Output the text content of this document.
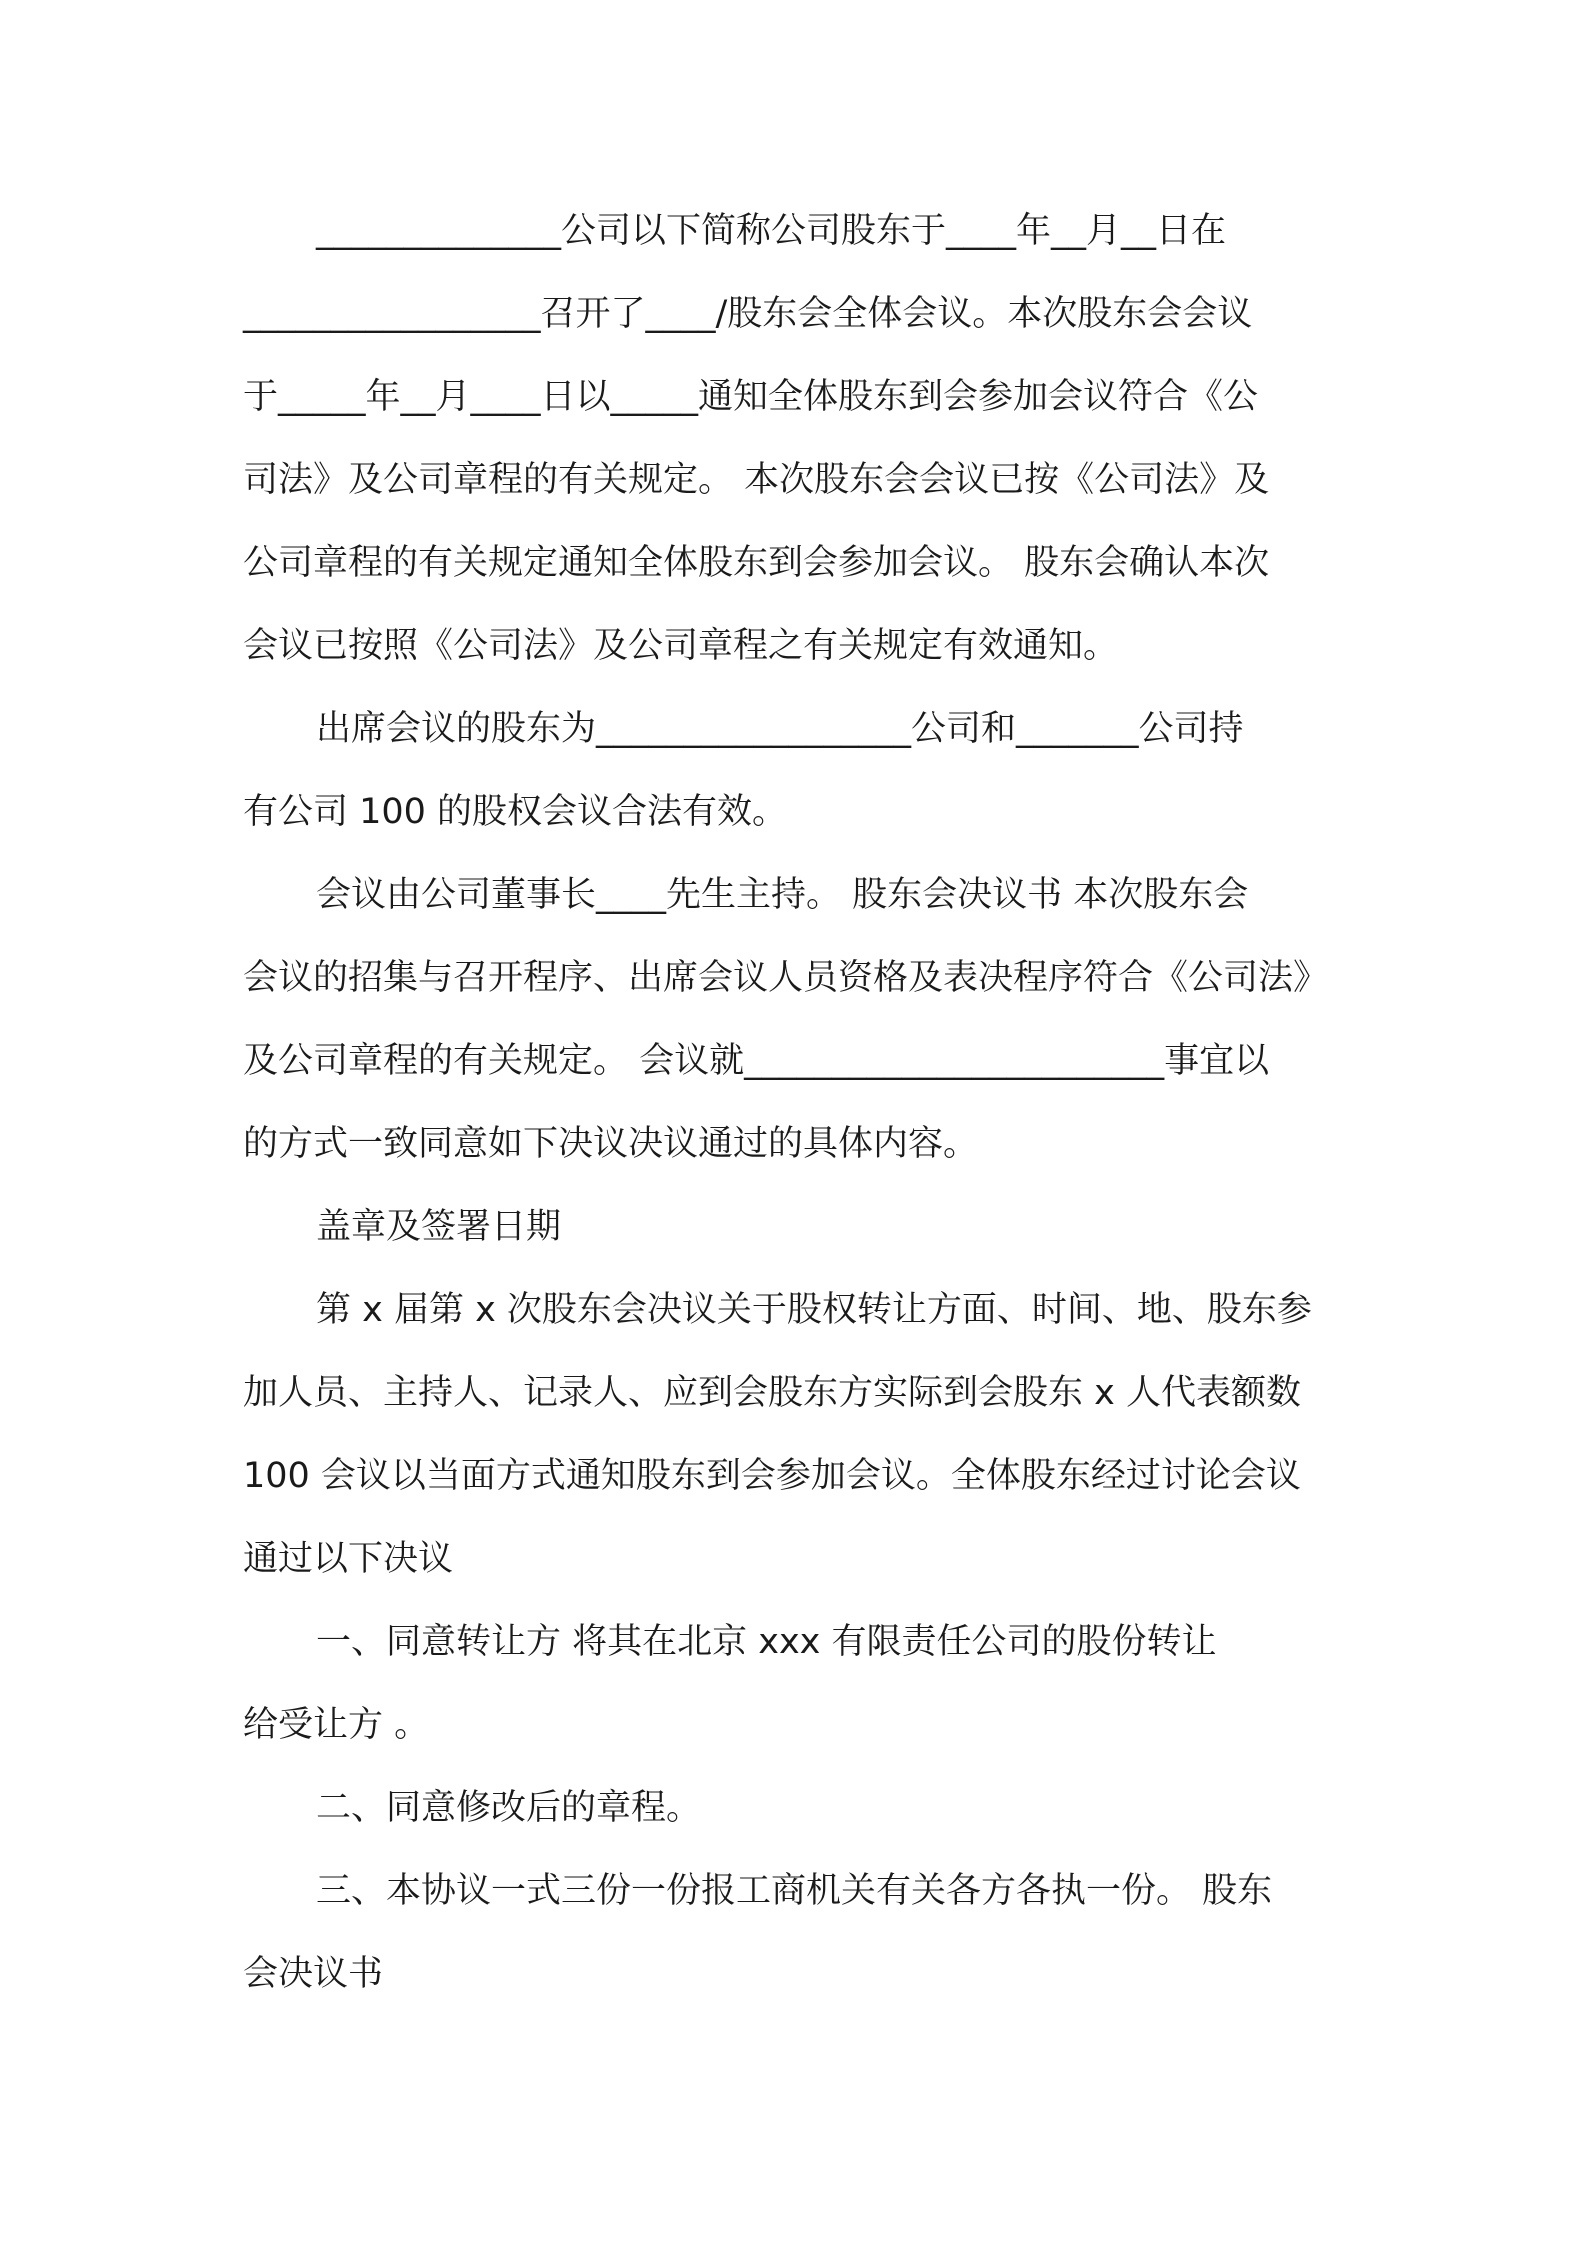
______________公司以下简称公司股东于____年__月__日在
_________________召开了____/股东会全体会议。本次股东会会议
于_____年__月____日以_____通知全体股东到会参加会议符合《公
司法》及公司章程的有关规定。 本次股东会会议已按《公司法》及
公司章程的有关规定通知全体股东到会参加会议。 股东会确认本次
会议已按照《公司法》及公司章程之有关规定有效通知。
出席会议的股东为__________________公司和_______公司持
有公司 100 的股权会议合法有效。
会议由公司董事长____先生主持。 股东会决议书 本次股东会
会议的招集与召开程序、出席会议人员资格及表决程序符合《公司法》
及公司章程的有关规定。 会议就________________________事宜以
的方式一致同意如下决议决议通过的具体内容。
盖章及签署日期
第 x 届第 x 次股东会决议关于股权转让方面、时间、地、股东参
加人员、主持人、记录人、应到会股东方实际到会股东 x 人代表额数
100 会议以当面方式通知股东到会参加会议。全体股东经过讨论会议
通过以下决议
一、同意转让方 将其在北京 xxx 有限责任公司的股份转让
给受让方 。
二、同意修改后的章程。
三、本协议一式三份一份报工商机关有关各方各执一份。 股东
会决议书
